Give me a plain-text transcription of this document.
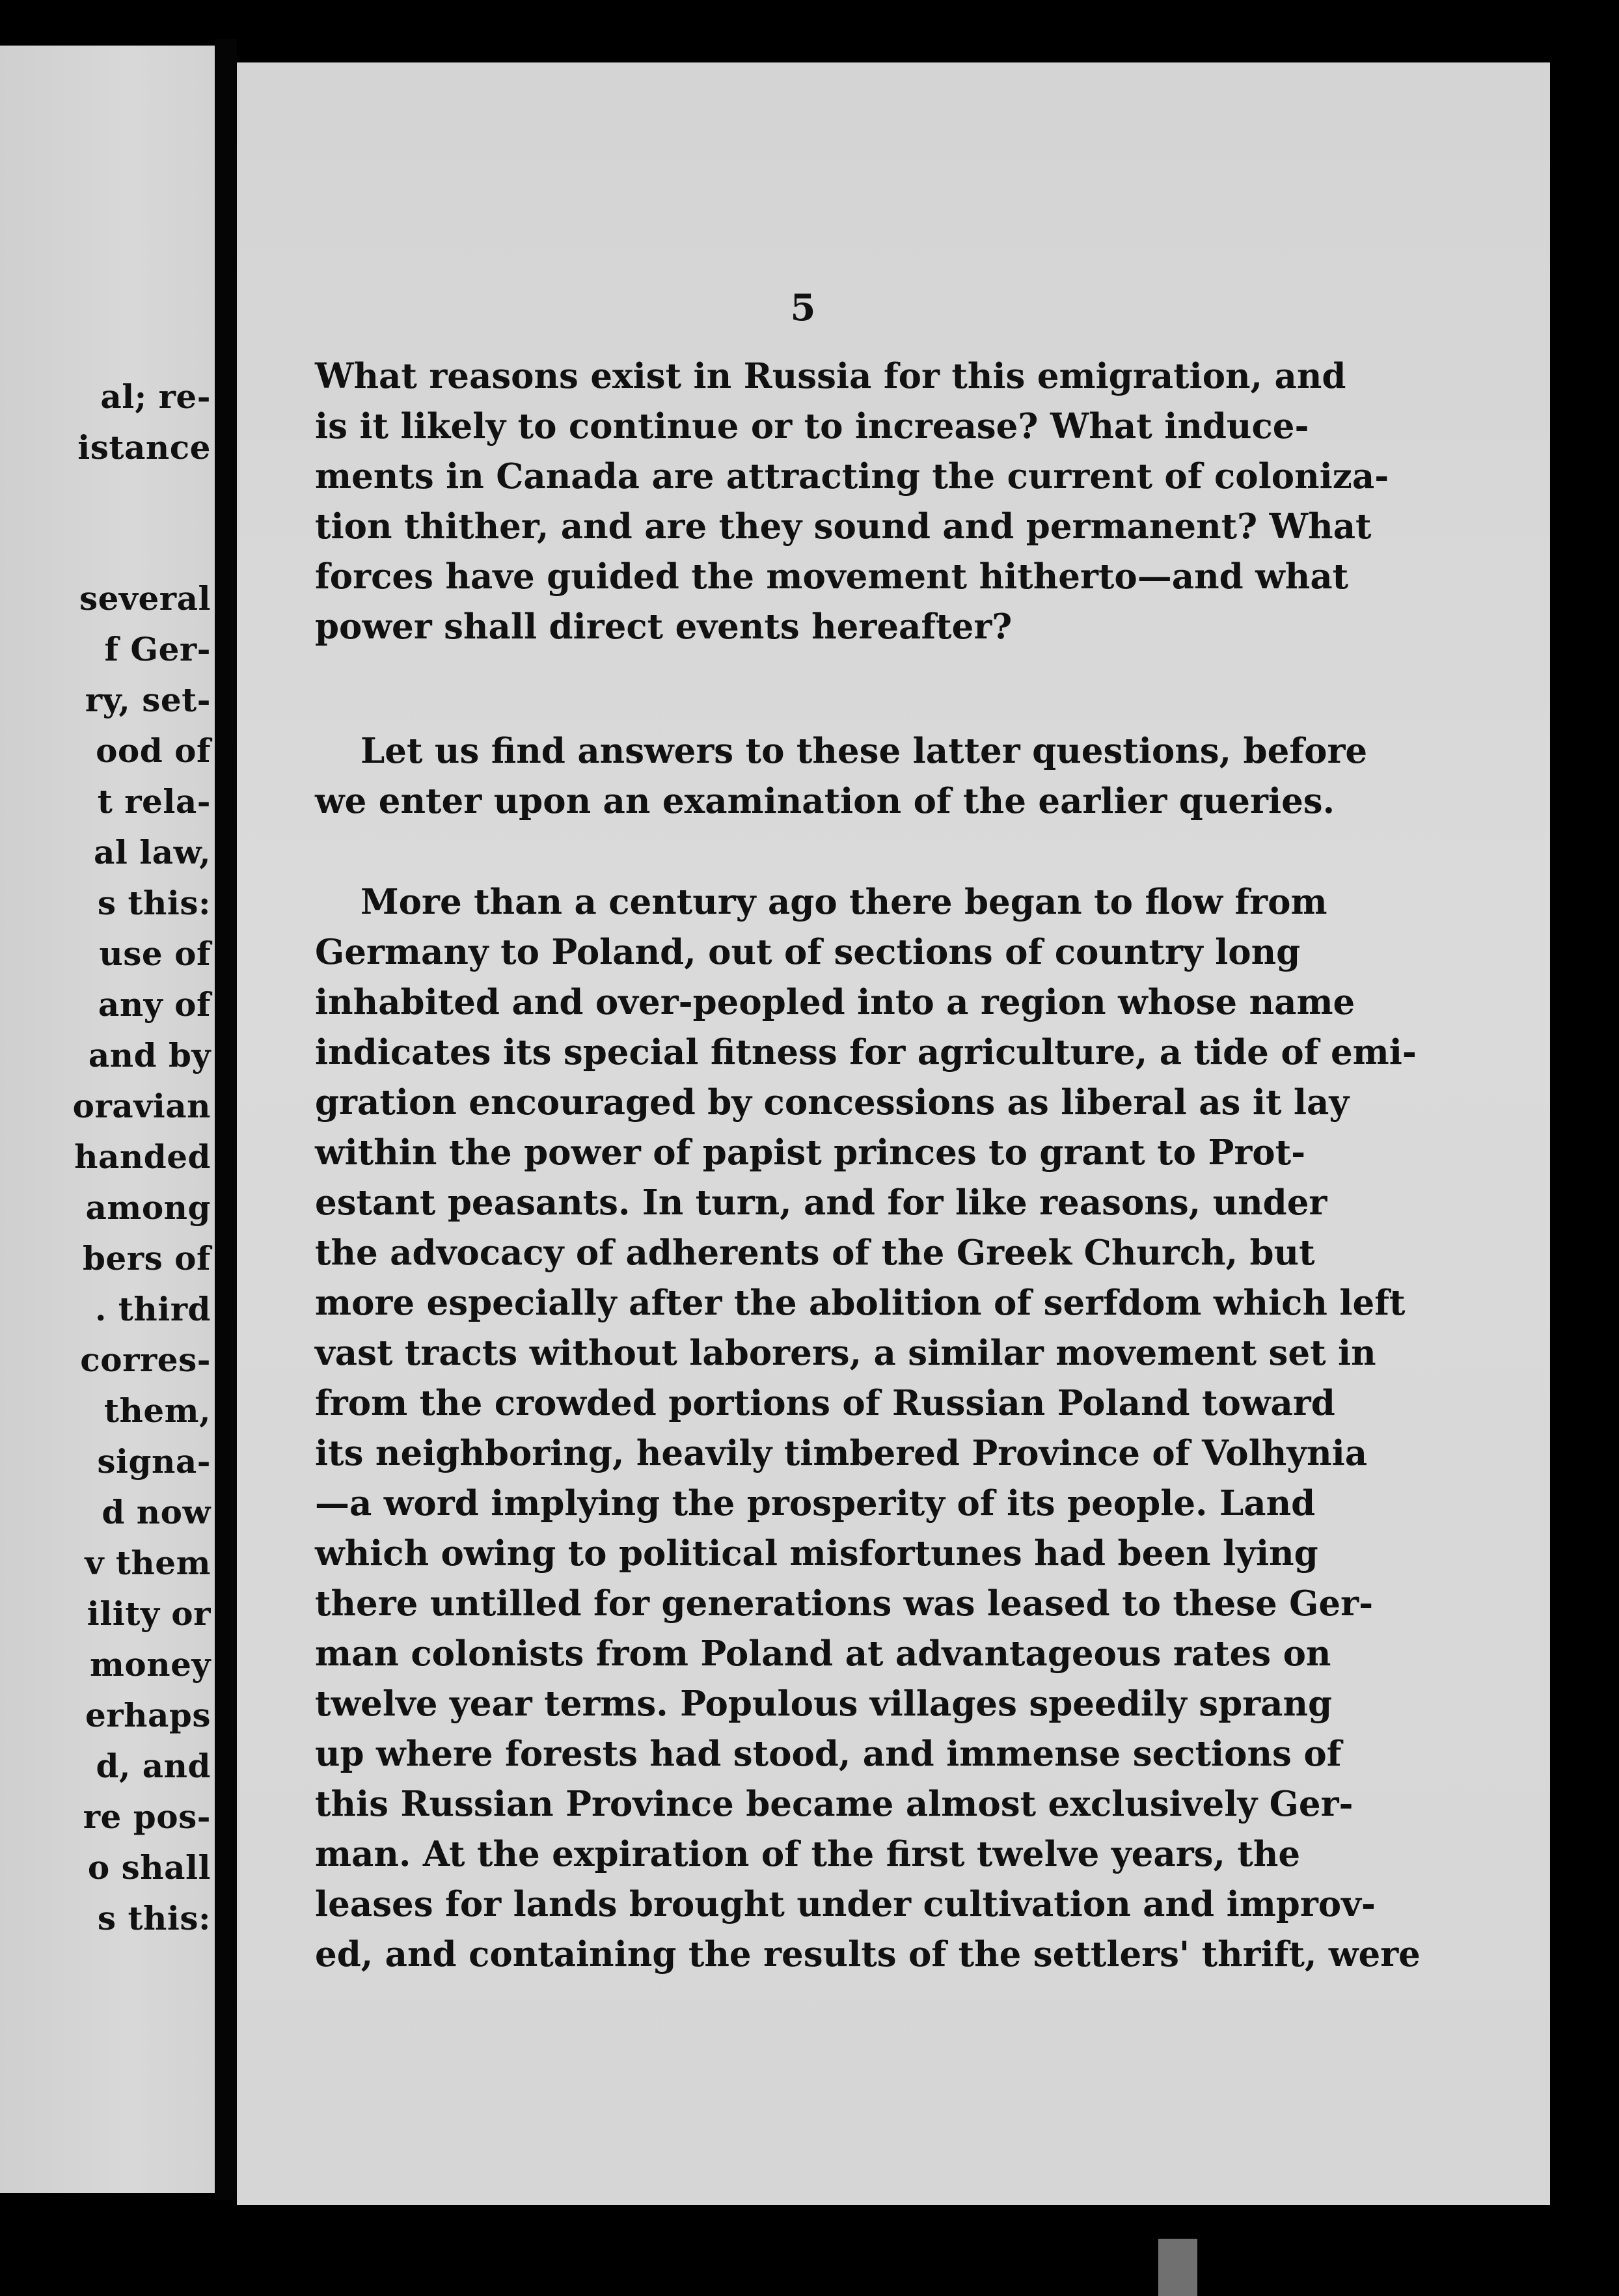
al; re-
istance
several
f Ger-
ry, set-
ood of
t rela-
al law,
s this:
use of
any of
and by
oravian
handed
among
bers of
. third
corres-
them,
signa-
d now
v them
ility or
money
erhaps
d, and
re pos-
o shall
s this:
5
What reasons exist in Russia for this emigration, and
is it likely to continue or to increase? What induce-
ments in Canada are attracting the current of coloniza-
tion thither, and are they sound and permanent? What
forces have guided the movement hitherto—and what
power shall direct events hereafter?
Let us find answers to these latter questions, before
we enter upon an examination of the earlier queries.
More than a century ago there began to flow from
Germany to Poland, out of sections of country long
inhabited and over-peopled into a region whose name
indicates its special fitness for agriculture, a tide of emi-
gration encouraged by concessions as liberal as it lay
within the power of papist princes to grant to Prot-
estant peasants. In turn, and for like reasons, under
the advocacy of adherents of the Greek Church, but
more especially after the abolition of serfdom which left
vast tracts without laborers, a similar movement set in
from the crowded portions of Russian Poland toward
its neighboring, heavily timbered Province of Volhynia
—a word implying the prosperity of its people. Land
which owing to political misfortunes had been lying
there untilled for generations was leased to these Ger-
man colonists from Poland at advantageous rates on
twelve year terms. Populous villages speedily sprang
up where forests had stood, and immense sections of
this Russian Province became almost exclusively Ger-
man. At the expiration of the first twelve years, the
leases for lands brought under cultivation and improv-
ed, and containing the results of the settlers' thrift, were
